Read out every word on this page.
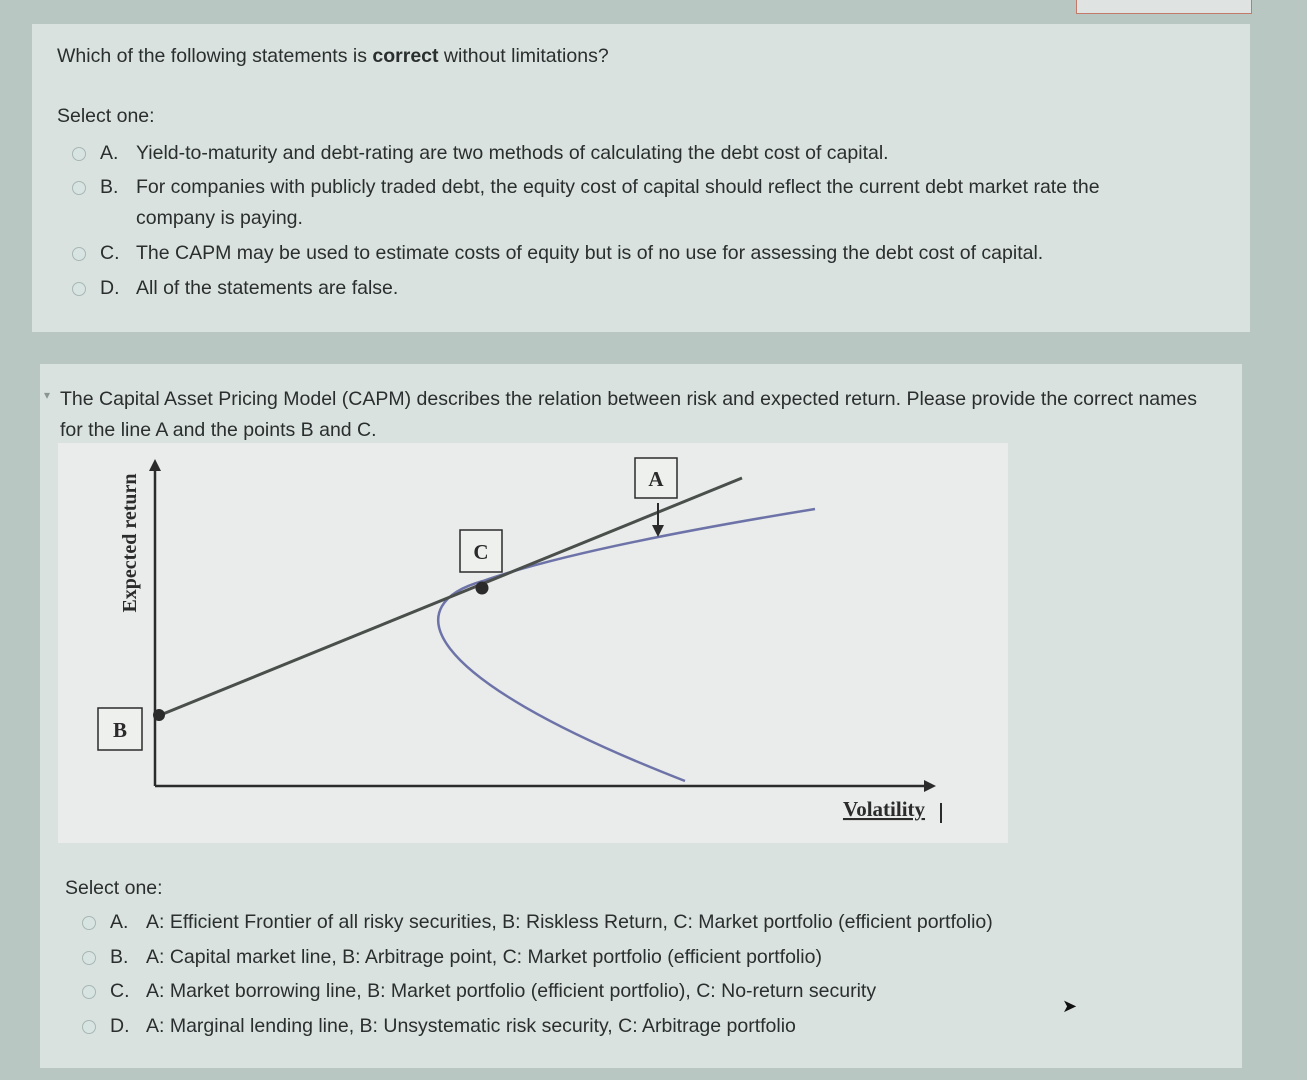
Which of the following statements is correct without limitations?
Select one:
A. Yield-to-maturity and debt-rating are two methods of calculating the debt cost of capital.
B. For companies with publicly traded debt, the equity cost of capital should reflect the current debt market rate the company is paying.
C. The CAPM may be used to estimate costs of equity but is of no use for assessing the debt cost of capital.
D. All of the statements are false.
The Capital Asset Pricing Model (CAPM) describes the relation between risk and expected return. Please provide the correct names for the line A and the points B and C.
Select one:
A. A: Efficient Frontier of all risky securities, B: Riskless Return, C: Market portfolio (efficient portfolio)
B. A: Capital market line, B: Arbitrage point, C: Market portfolio (efficient portfolio)
C. A: Market borrowing line, B: Market portfolio (efficient portfolio), C: No-return security
D. A: Marginal lending line, B: Unsystematic risk security, C: Arbitrage portfolio
▾
B
C
A
Expected return
Volatility
➤
